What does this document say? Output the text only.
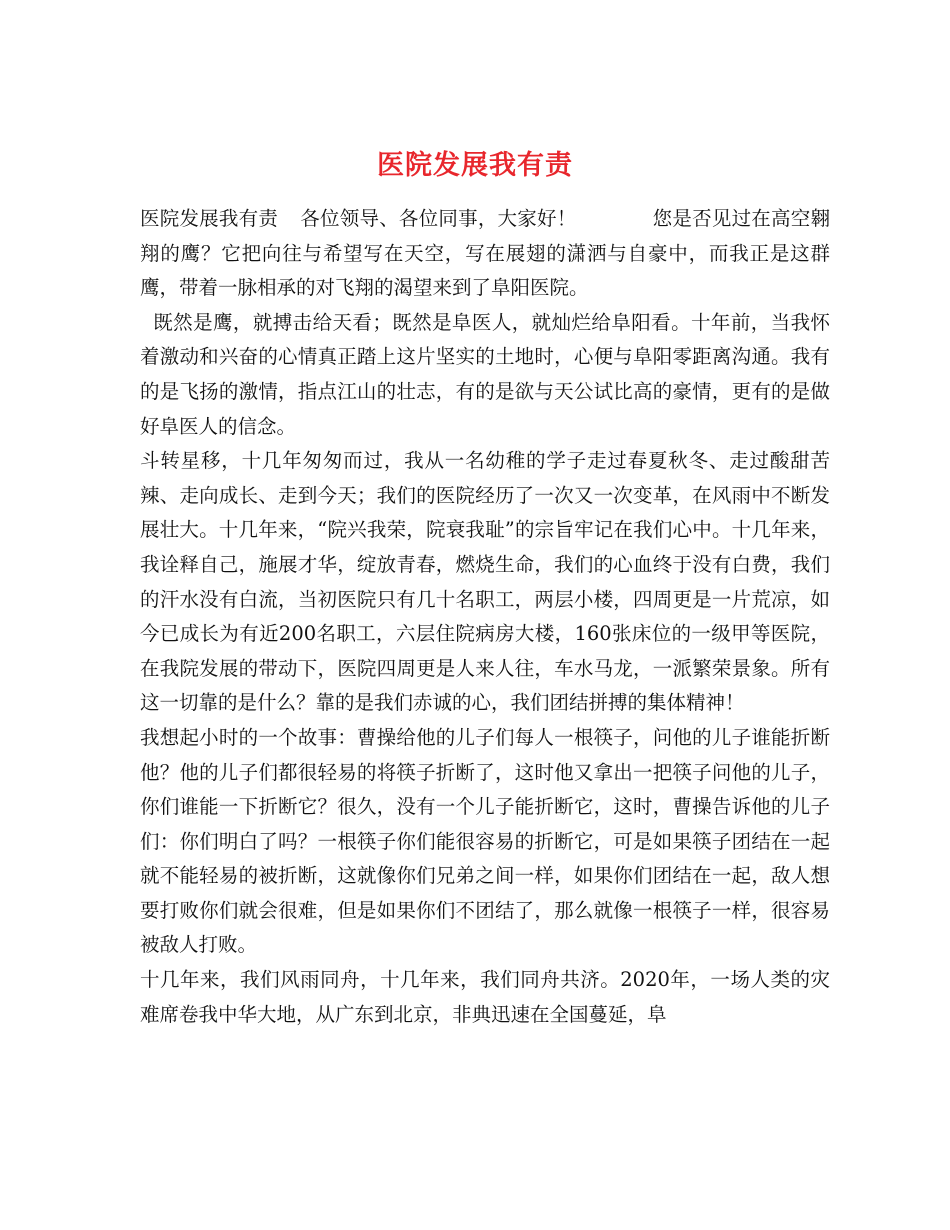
医院发展我有责

医院发展我有责 各位领导、各位同事，大家好！	您是否见过在高空翱翔的鹰？它把向往与希望写在天空，写在展翅的潇洒与自豪中，而我正是这群鹰，带着一脉相承的对飞翔的渴望来到了阜阳医院。

既然是鹰，就搏击给天看；既然是阜医人，就灿烂给阜阳看。十年前，当我怀着激动和兴奋的心情真正踏上这片坚实的土地时，心便与阜阳零距离沟通。我有的是飞扬的激情，指点江山的壮志，有的是欲与天公试比高的豪情，更有的是做好阜医人的信念。

斗转星移，十几年匆匆而过，我从一名幼稚的学子走过春夏秋冬、走过酸甜苦辣、走向成长、走到今天；我们的医院经历了一次又一次变革，在风雨中不断发展壮大。十几年来，“院兴我荣，院衰我耻”的宗旨牢记在我们心中。十几年来，我诠释自己，施展才华，绽放青春，燃烧生命，我们的心血终于没有白费，我们的汗水没有白流，当初医院只有几十名职工，两层小楼，四周更是一片荒凉，如今已成长为有近200名职工，六层住院病房大楼，160张床位的一级甲等医院，在我院发展的带动下，医院四周更是人来人往，车水马龙，一派繁荣景象。所有这一切靠的是什么？靠的是我们赤诚的心，我们团结拼搏的集体精神！

我想起小时的一个故事：曹操给他的儿子们每人一根筷子，问他的儿子谁能折断他？他的儿子们都很轻易的将筷子折断了，这时他又拿出一把筷子问他的儿子，你们谁能一下折断它？很久，没有一个儿子能折断它，这时，曹操告诉他的儿子们：你们明白了吗？一根筷子你们能很容易的折断它，可是如果筷子团结在一起就不能轻易的被折断，这就像你们兄弟之间一样，如果你们团结在一起，敌人想要打败你们就会很难，但是如果你们不团结了，那么就像一根筷子一样，很容易被敌人打败。

十几年来，我们风雨同舟，十几年来，我们同舟共济。2020年，一场人类的灾难席卷我中华大地，从广东到北京，非典迅速在全国蔓延，阜
